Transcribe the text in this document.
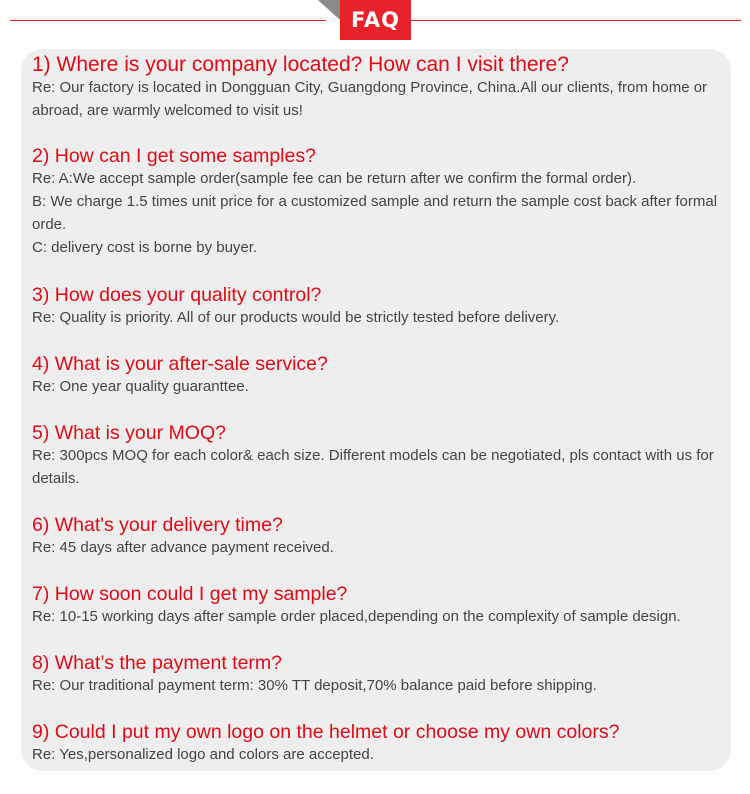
FAQ

1) Where is your company located? How can I visit there?

Re: Our factory is located in Dongguan City, Guangdong Province, China.All our clients, from home or abroad, are warmly welcomed to visit us!

2) How can I get some samples?

Re: A:We accept sample order(sample fee can be return after we confirm the formal order).

B: We charge 1.5 times unit price for a customized sample and return the sample cost back after formal orde.

C: delivery cost is borne by buyer.

3) How does your quality control?

Re: Quality is priority. All of our products would be strictly tested before delivery.

4) What is your after-sale service?

Re: One year quality guaranttee.

5) What is your MOQ?

Re: 300pcs MOQ for each color& each size. Different models can be negotiated, pls contact with us for details.

6) What's your delivery time?

Re: 45 days after advance payment received.

7) How soon could I get my sample?

Re: 10-15 working days after sample order placed,depending on the complexity of sample design.

8) What’s the payment term?

Re: Our traditional payment term: 30% TT deposit,70% balance paid before shipping.

9) Could I put my own logo on the helmet or choose my own colors?

Re: Yes,personalized logo and colors are accepted.
